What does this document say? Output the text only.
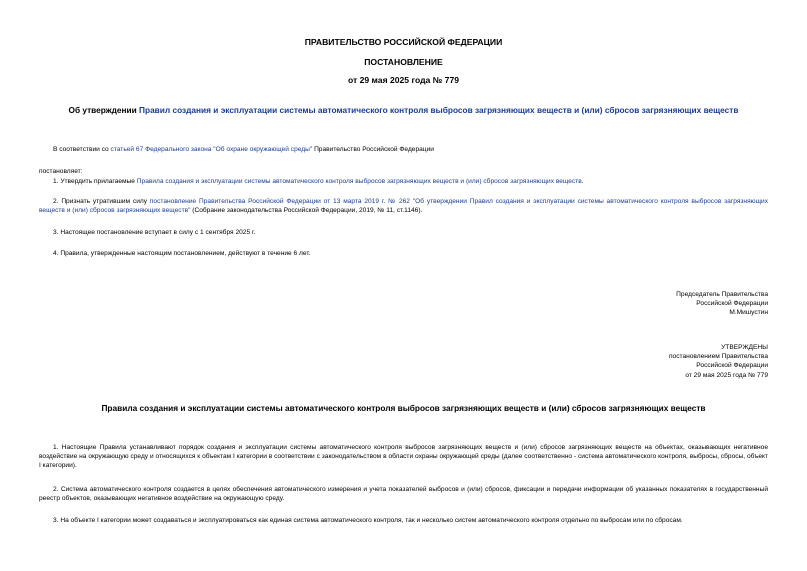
ПРАВИТЕЛЬСТВО РОССИЙСКОЙ ФЕДЕРАЦИИ
ПОСТАНОВЛЕНИЕ
от 29 мая 2025 года № 779
Об утверждении Правил создания и эксплуатации системы автоматического контроля выбросов загрязняющих веществ и (или) сбросов загрязняющих веществ
В соответствии со статьей 67 Федерального закона "Об охране окружающей среды" Правительство Российской Федерации
постановляет:
1. Утвердить прилагаемые Правила создания и эксплуатации системы автоматического контроля выбросов загрязняющих веществ и (или) сбросов загрязняющих веществ.
2. Признать утратившим силу постановление Правительства Российской Федерации от 13 марта 2019 г. № 262 "Об утверждении Правил создания и эксплуатации системы автоматического контроля выбросов загрязняющих веществ и (или) сбросов загрязняющих веществ" (Собрание законодательства Российской Федерации, 2019, № 11, ст.1146).
3. Настоящее постановление вступает в силу с 1 сентября 2025 г.
4. Правила, утвержденные настоящим постановлением, действуют в течение 6 лет.
Председатель Правительства
Российской Федерации
М.Мишустин
УТВЕРЖДЕНЫ
постановлением Правительства
Российской Федерации
от 29 мая 2025 года № 779
Правила создания и эксплуатации системы автоматического контроля выбросов загрязняющих веществ и (или) сбросов загрязняющих веществ
1. Настоящие Правила устанавливают порядок создания и эксплуатации системы автоматического контроля выбросов загрязняющих веществ и (или) сбросов загрязняющих веществ на объектах, оказывающих негативное воздействие на окружающую среду и относящихся к объектам I категории в соответствии с законодательством в области охраны окружающей среды (далее соответственно - система автоматического контроля, выбросы, сбросы, объект I категории).
2. Система автоматического контроля создается в целях обеспечения автоматического измерения и учета показателей выбросов и (или) сбросов, фиксации и передачи информации об указанных показателях в государственный реестр объектов, оказывающих негативное воздействие на окружающую среду.
3. На объекте I категории может создаваться и эксплуатироваться как единая система автоматического контроля, так и несколько систем автоматического контроля отдельно по выбросам или по сбросам.
